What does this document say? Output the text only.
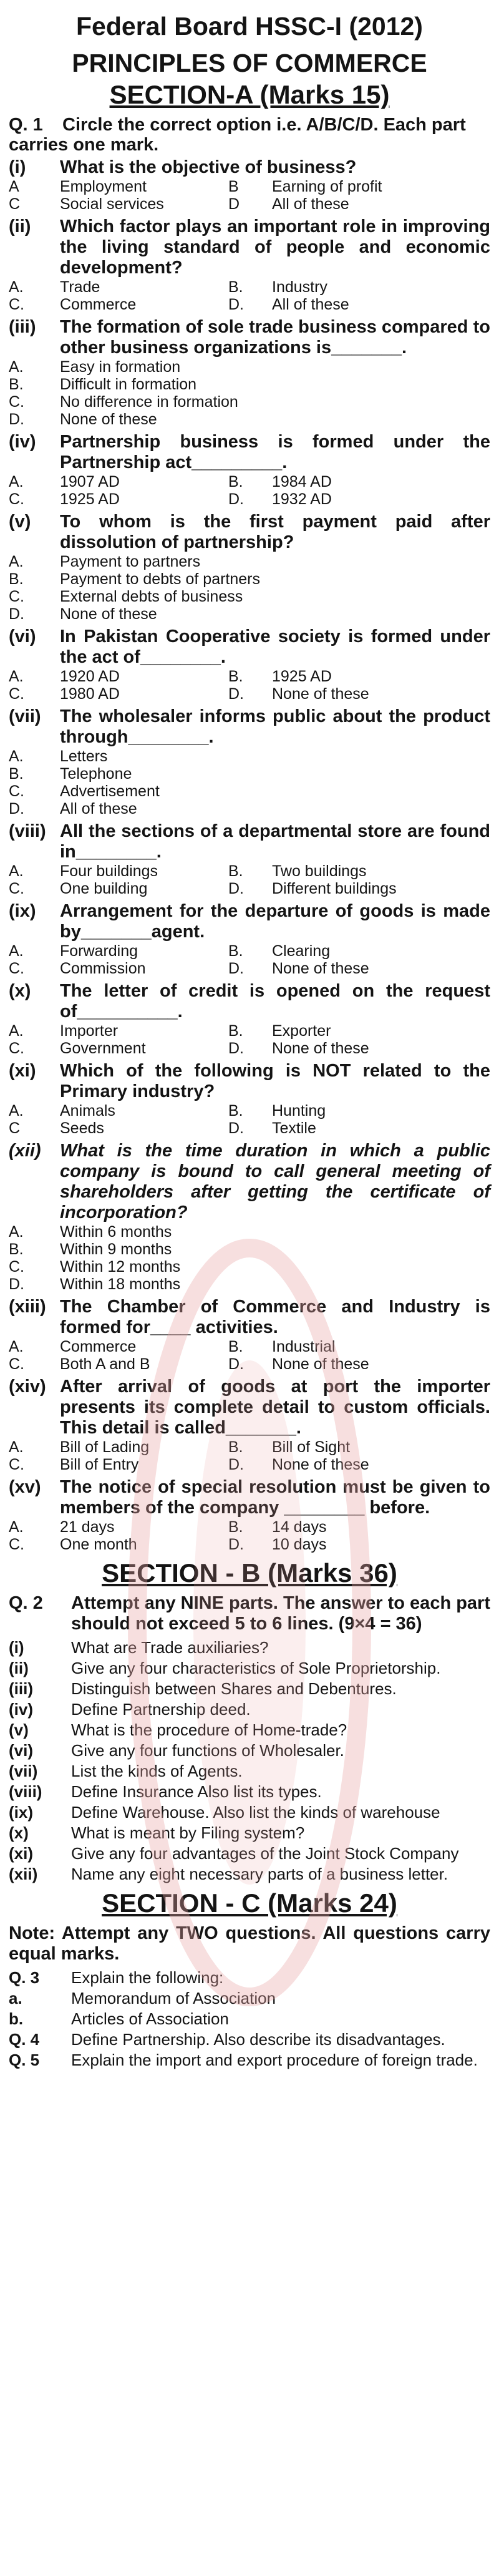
Federal Board HSSC-I (2012)
PRINCIPLES OF COMMERCE
SECTION-A (Marks 15)
Q. 1 Circle the correct option i.e. A/B/C/D. Each part carries one mark.
(i)	What is the objective of business?
A	Employment	B	Earning of profit
C	Social services	D	All of these
(ii)	Which factor plays an important role in improving the living standard of people and economic development?
A.	Trade	B.	Industry
C.	Commerce	D.	All of these
(iii)	The formation of sole trade business compared to other business organizations is_______.
A.	Easy in formation
B.	Difficult in formation
C.	No difference in formation
D.	None of these
(iv)	Partnership business is formed under the Partnership act_________.
A.	1907 AD	B.	1984 AD
C.	1925 AD	D.	1932 AD
(v)	To whom is the first payment paid after dissolution of partnership?
A.	Payment to partners
B.	Payment to debts of partners
C.	External debts of business
D.	None of these
(vi)	In Pakistan Cooperative society is formed under the act of________.
A.	1920 AD	B.	1925 AD
C.	1980 AD	D.	None of these
(vii)	The wholesaler informs public about the product through________.
A.	Letters
B.	Telephone
C.	Advertisement
D.	All of these
(viii) All the sections of a departmental store are found in________.
A.	Four buildings	B.	Two buildings
C.	One building	D.	Different buildings
(ix)	Arrangement for the departure of goods is made by_______agent.
A.	Forwarding	B.	Clearing
C.	Commission	D.	None of these
(x)	The letter of credit is opened on the request of__________.
A.	Importer	B.	Exporter
C.	Government	D.	None of these
(xi)	Which of the following is NOT related to the Primary industry?
A.	Animals	B.	Hunting
C	Seeds	D.	Textile
(xii)	What is the time duration in which a public company is bound to call general meeting of shareholders after getting the certificate of incorporation?
A.	Within 6 months
B.	Within 9 months
C.	Within 12 months
D.	Within 18 months
(xiii) The Chamber of Commerce and Industry is formed for____ activities.
A.	Commerce	B.	Industrial
C.	Both A and B	D.	None of these
(xiv) After arrival of goods at port the importer presents its complete detail to custom officials. This detail is called_______.
A.	Bill of Lading	B.	Bill of Sight
C.	Bill of Entry	D.	None of these
(xv)	The notice of special resolution must be given to members of the company ________ before.
A.	21 days	B.	14 days
C.	One month	D.	10 days
SECTION - B (Marks 36)
Q. 2	Attempt any NINE parts. The answer to each part should not exceed 5 to 6 lines. (9×4 = 36)
(i)	What are Trade auxiliaries?
(ii)	Give any four characteristics of Sole Proprietorship.
(iii)	Distinguish between Shares and Debentures.
(iv)	Define Partnership deed.
(v)	What is the procedure of Home-trade?
(vi)	Give any four functions of Wholesaler.
(vii)	List the kinds of Agents.
(viii)	Define Insurance Also list its types.
(ix)	Define Warehouse. Also list the kinds of warehouse
(x)	What is meant by Filing system?
(xi)	Give any four advantages of the Joint Stock Company
(xii)	Name any eight necessary parts of a business letter.
SECTION - C (Marks 24)
Note: Attempt any TWO questions. All questions carry equal marks.
Q. 3	Explain the following:
a.	Memorandum of Association
b.	Articles of Association
Q. 4	Define Partnership. Also describe its disadvantages.
Q. 5	Explain the import and export procedure of foreign trade.
